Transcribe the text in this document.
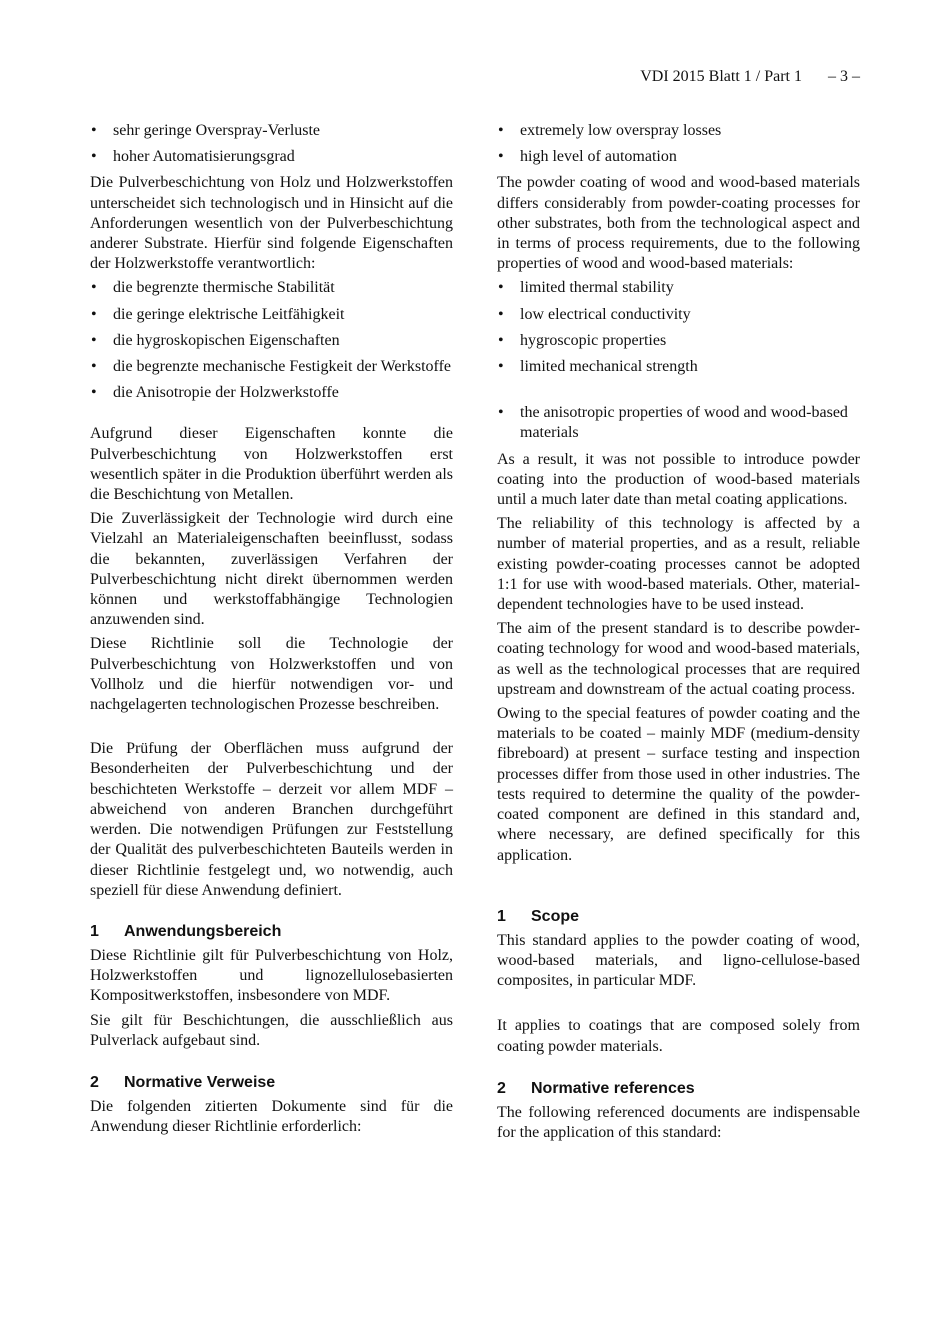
VDI 2015 Blatt 1 / Part 1 – 3 –
• sehr geringe Overspray-Verluste
• hoher Automatisierungsgrad

Die Pulverbeschichtung von Holz und Holzwerkstoffen unterscheidet sich technologisch und in Hinsicht auf die Anforderungen wesentlich von der Pulverbeschichtung anderer Substrate. Hierfür sind folgende Eigenschaften der Holzwerkstoffe verantwortlich:

• die begrenzte thermische Stabilität
• die geringe elektrische Leitfähigkeit
• die hygroskopischen Eigenschaften
• die begrenzte mechanische Festigkeit der Werkstoffe
• die Anisotropie der Holzwerkstoffe

Aufgrund dieser Eigenschaften konnte die Pulverbeschichtung von Holzwerkstoffen erst wesentlich später in die Produktion überführt werden als die Beschichtung von Metallen.

Die Zuverlässigkeit der Technologie wird durch eine Vielzahl an Materialeigenschaften beeinflusst, sodass die bekannten, zuverlässigen Verfahren der Pulverbeschichtung nicht direkt übernommen werden können und werkstoffabhängige Technologien anzuwenden sind.

Diese Richtlinie soll die Technologie der Pulverbeschichtung von Holzwerkstoffen und von Vollholz und die hierfür notwendigen vor- und nachgelagerten technologischen Prozesse beschreiben.

Die Prüfung der Oberflächen muss aufgrund der Besonderheiten der Pulverbeschichtung und der beschichteten Werkstoffe – derzeit vor allem MDF – abweichend von anderen Branchen durchgeführt werden. Die notwendigen Prüfungen zur Feststellung der Qualität des pulverbeschichteten Bauteils werden in dieser Richtlinie festgelegt und, wo notwendig, auch speziell für diese Anwendung definiert.

1 Anwendungsbereich

Diese Richtlinie gilt für Pulverbeschichtung von Holz, Holzwerkstoffen und lignozellulosebasierten Kompositwerkstoffen, insbesondere von MDF.

Sie gilt für Beschichtungen, die ausschließlich aus Pulverlack aufgebaut sind.

2 Normative Verweise

Die folgenden zitierten Dokumente sind für die Anwendung dieser Richtlinie erforderlich:

• extremely low overspray losses
• high level of automation

The powder coating of wood and wood-based materials differs considerably from powder-coating processes for other substrates, both from the technological aspect and in terms of process requirements, due to the following properties of wood and wood-based materials:

• limited thermal stability
• low electrical conductivity
• hygroscopic properties
• limited mechanical strength
• the anisotropic properties of wood and wood-based materials

As a result, it was not possible to introduce powder coating into the production of wood-based materials until a much later date than metal coating applications.

The reliability of this technology is affected by a number of material properties, and as a result, reliable existing powder-coating processes cannot be adopted 1:1 for use with wood-based materials. Other, material-dependent technologies have to be used instead.

The aim of the present standard is to describe powder-coating technology for wood and wood-based materials, as well as the technological processes that are required upstream and downstream of the actual coating process.

Owing to the special features of powder coating and the materials to be coated – mainly MDF (medium-density fibreboard) at present – surface testing and inspection processes differ from those used in other industries. The tests required to determine the quality of the powder-coated component are defined in this standard and, where necessary, are defined specifically for this application.

1 Scope

This standard applies to the powder coating of wood, wood-based materials, and ligno-cellulose-based composites, in particular MDF.

It applies to coatings that are composed solely from coating powder materials.

2 Normative references

The following referenced documents are indispensable for the application of this standard:
